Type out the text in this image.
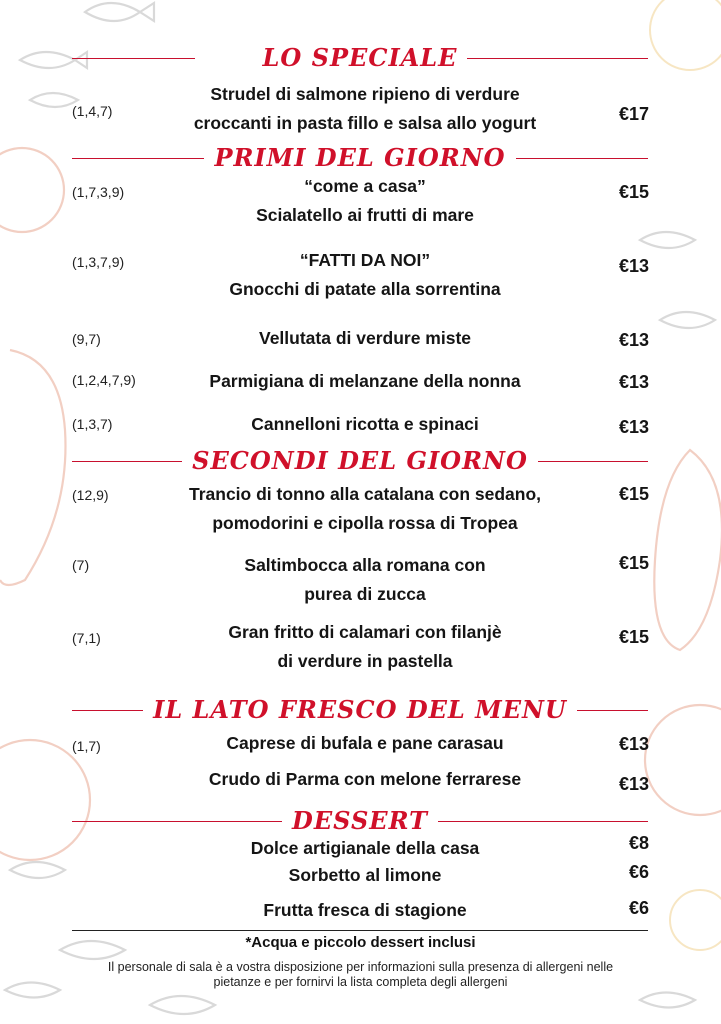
LO SPECIALE
(1,4,7)
Strudel di salmone ripieno di verdure
croccanti in pasta fillo e salsa allo yogurt	€17
PRIMI DEL GIORNO
(1,7,3,9)	“come a casa”
Scialatello ai frutti di mare
€15
(1,3,7,9)	“FATTI DA NOI”
Gnocchi di patate alla sorrentina
€13
(9,7)	Vellutata di verdure miste	€13
(1,2,4,7,9)	Parmigiana di melanzane della nonna	€13
(1,3,7)	Cannelloni ricotta e spinaci	€13
SECONDI DEL GIORNO
(12,9)	Trancio di tonno alla catalana con sedano,
pomodorini e cipolla rossa di Tropea
€15
(7)	Saltimbocca alla romana con
purea di zucca
€15
(7,1)	Gran fritto di calamari con filanjè
di verdure in pastella
€15
IL LATO FRESCO DEL MENU
(1,7)	Caprese di bufala e pane carasau	€13
Crudo di Parma con melone ferrarese	€13
DESSERT
Dolce artigianale della casa	€8
Sorbetto al limone	€6
Frutta fresca di stagione	€6
*Acqua e piccolo dessert inclusi
Il personale di sala è a vostra disposizione per informazioni sulla presenza di allergeni nelle pietanze e per fornirvi la lista completa degli allergeni
